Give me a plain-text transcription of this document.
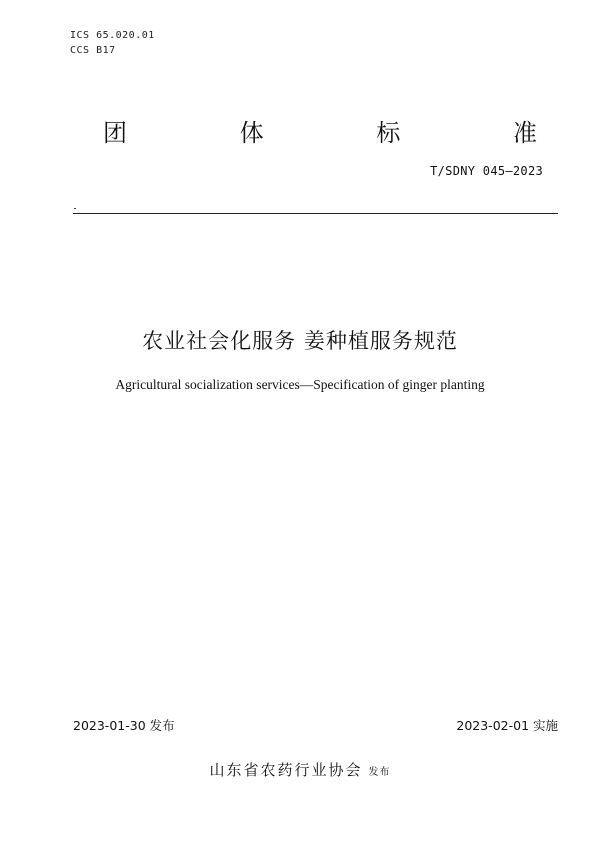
ICS 65.020.01
CCS B17
团	体	标	准
T/SDNY 045—2023
农业社会化服务 姜种植服务规范
Agricultural socialization services—Specification of ginger planting
2023-01-30 发布	2023-02-01 实施
山东省农药行业协会 发布
